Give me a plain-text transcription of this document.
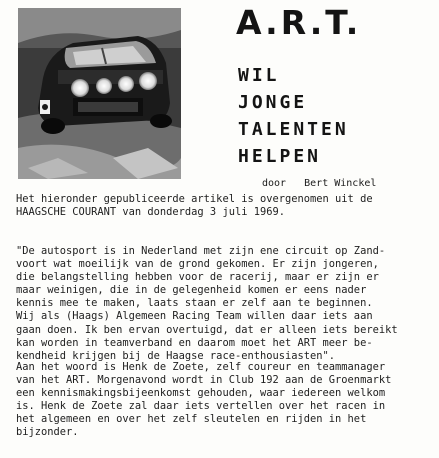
A.R.T.
WIL
JONGE
TALENTEN
HELPEN
door   Bert Winckel
Het hieronder gepubliceerde artikel is overgenomen uit de
HAAGSCHE COURANT van donderdag 3 juli 1969.
"De autosport is in Nederland met zijn ene circuit op Zand-
voort wat moeilijk van de grond gekomen. Er zijn jongeren,
die belangstelling hebben voor de racerij, maar er zijn er
maar weinigen, die in de gelegenheid komen er eens nader
kennis mee te maken, laats staan er zelf aan te beginnen.
Wij als (Haags) Algemeen Racing Team willen daar iets aan
gaan doen. Ik ben ervan overtuigd, dat er alleen iets bereikt
kan worden in teamverband en daarom moet het ART meer be-
kendheid krijgen bij de Haagse race-enthousiasten".
Aan het woord is Henk de Zoete, zelf coureur en teammanager
van het ART. Morgenavond wordt in Club 192 aan de Groenmarkt
een kennismakingsbijeenkomst gehouden, waar iedereen welkom
is. Henk de Zoete zal daar iets vertellen over het racen in
het algemeen en over het zelf sleutelen en rijden in het
bijzonder.
